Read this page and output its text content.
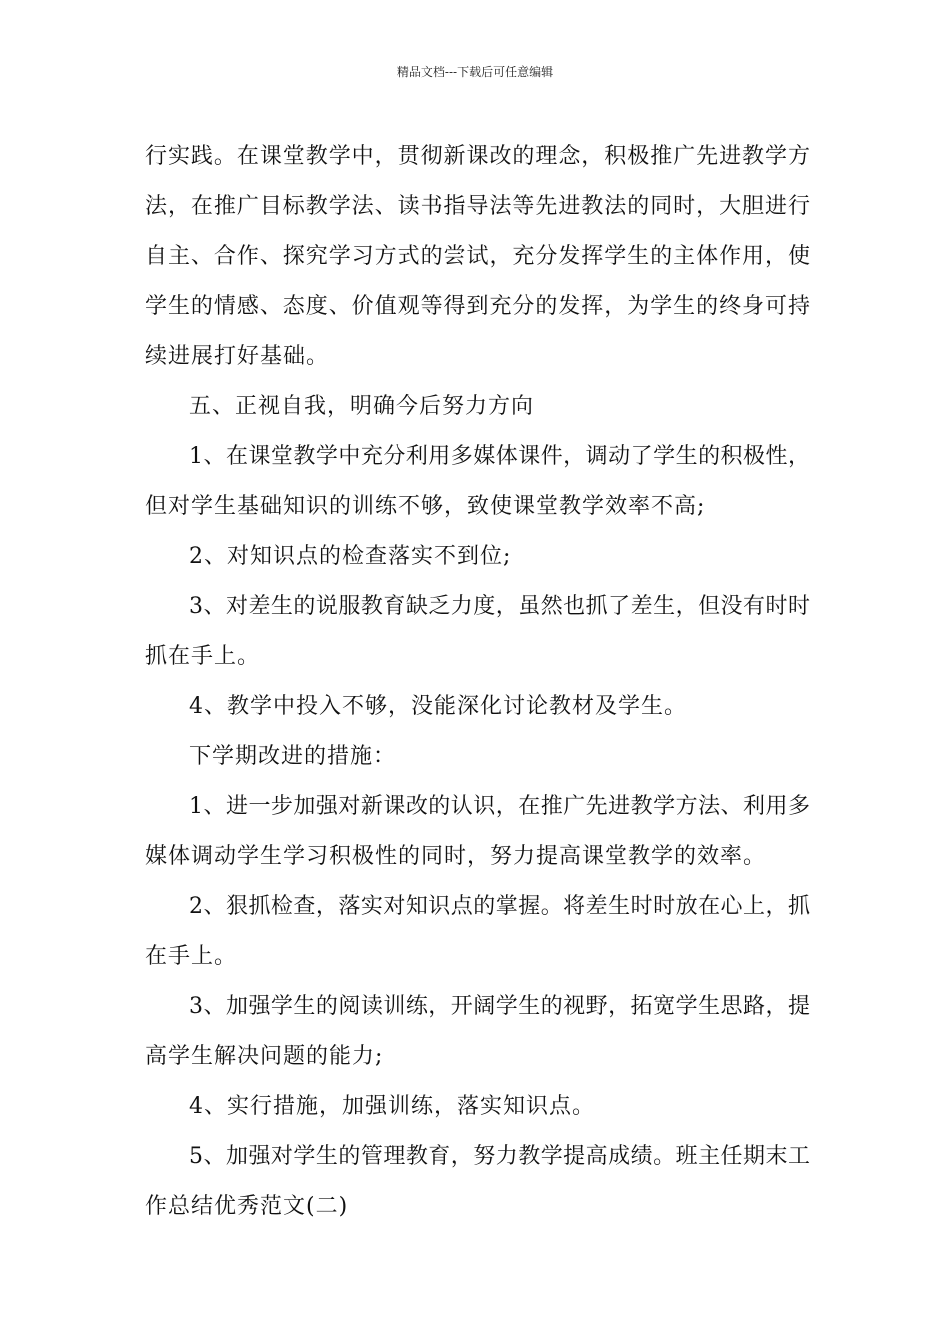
精品文档---下载后可任意编辑
行实践。在课堂教学中，贯彻新课改的理念，积极推广先进教学方
法，在推广目标教学法、读书指导法等先进教法的同时，大胆进行
自主、合作、探究学习方式的尝试，充分发挥学生的主体作用，使
学生的情感、态度、价值观等得到充分的发挥，为学生的终身可持
续进展打好基础。
五、正视自我，明确今后努力方向
1、在课堂教学中充分利用多媒体课件，调动了学生的积极性，
但对学生基础知识的训练不够，致使课堂教学效率不高;
2、对知识点的检查落实不到位;
3、对差生的说服教育缺乏力度，虽然也抓了差生，但没有时时
抓在手上。
4、教学中投入不够，没能深化讨论教材及学生。
下学期改进的措施：
1、进一步加强对新课改的认识，在推广先进教学方法、利用多
媒体调动学生学习积极性的同时，努力提高课堂教学的效率。
2、狠抓检查，落实对知识点的掌握。将差生时时放在心上，抓
在手上。
3、加强学生的阅读训练，开阔学生的视野，拓宽学生思路，提
高学生解决问题的能力;
4、实行措施，加强训练，落实知识点。
5、加强对学生的管理教育，努力教学提高成绩。班主任期末工
作总结优秀范文(二)
